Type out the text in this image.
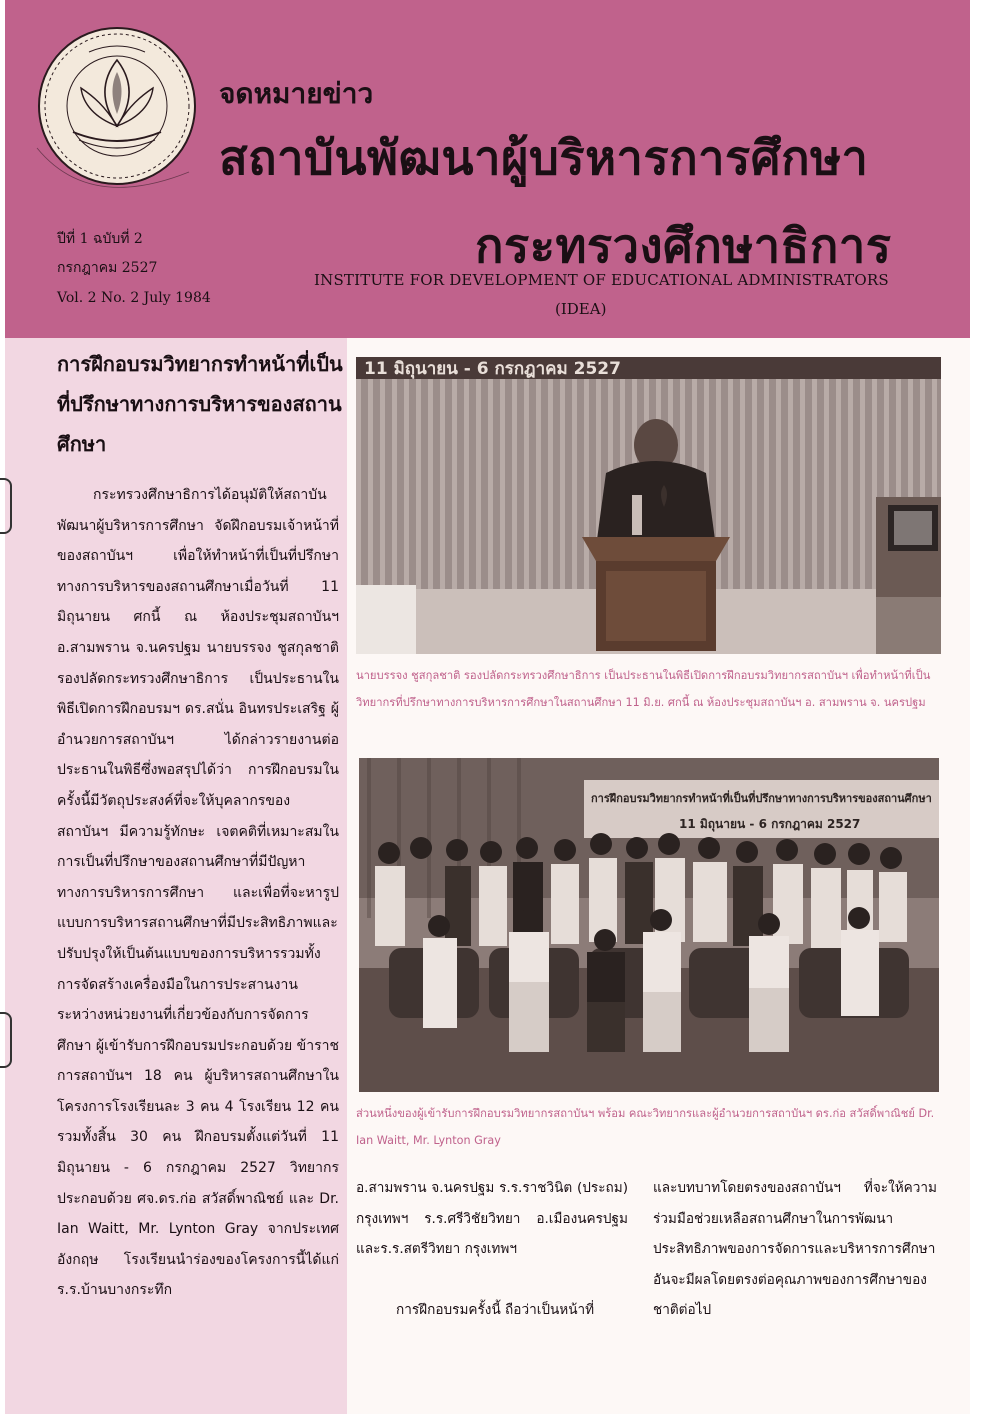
ปีที่ 1 ฉบับที่ 2
กรกฎาคม 2527
Vol. 2 No. 2 July 1984
จดหมายข่าว
สถาบันพัฒนาผู้บริหารการศึกษา
กระทรวงศึกษาธิการ
INSTITUTE FOR DEVELOPMENT OF EDUCATIONAL ADMINISTRATORS
(IDEA)
การฝึกอบรมวิทยากรทำหน้าที่เป็น
ที่ปรึกษาทางการบริหารของสถาน
ศึกษา

กระทรวงศึกษาธิการได้อนุมัติให้สถาบันพัฒนาผู้บริหารการศึกษา จัดฝึกอบรมเจ้าหน้าที่ของสถาบันฯ เพื่อให้ทำหน้าที่เป็นที่ปรึกษาทางการบริหารของสถานศึกษาเมื่อวันที่ 11 มิถุนายน ศกนี้ ณ ห้องประชุมสถาบันฯ อ.สามพราน จ.นครปฐม นายบรรจง ชูสกุลชาติ รองปลัดกระทรวงศึกษาธิการ เป็นประธานในพิธีเปิดการฝึกอบรมฯ ดร.สนั่น อินทรประเสริฐ ผู้อำนวยการสถาบันฯ ได้กล่าวรายงานต่อประธานในพิธีซึ่งพอสรุปได้ว่า การฝึกอบรมในครั้งนี้มีวัตถุประสงค์ที่จะให้บุคลากรของสถาบันฯ มีความรู้ทักษะ เจตคติที่เหมาะสมในการเป็นที่ปรึกษาของสถานศึกษาที่มีปัญหาทางการบริหารการศึกษา และเพื่อที่จะหารูปแบบการบริหารสถานศึกษาที่มีประสิทธิภาพและปรับปรุงให้เป็นต้นแบบของการบริหารรวมทั้งการจัดสร้างเครื่องมือในการประสานงานระหว่างหน่วยงานที่เกี่ยวข้องกับการจัดการศึกษา ผู้เข้ารับการฝึกอบรมประกอบด้วย ข้าราชการสถาบันฯ 18 คน ผู้บริหารสถานศึกษาในโครงการโรงเรียนละ 3 คน 4 โรงเรียน 12 คน รวมทั้งสิ้น 30 คน ฝึกอบรมตั้งแต่วันที่ 11 มิถุนายน - 6 กรกฎาคม 2527 วิทยากรประกอบด้วย ศจ.ดร.ก่อ สวัสดิ์พาณิชย์ และ Dr. Ian Waitt, Mr. Lynton Gray จากประเทศอังกฤษ โรงเรียนนำร่องของโครงการนี้ได้แก่ ร.ร.บ้านบางกระทึก

11 มิถุนายน - 6 กรกฎาคม 2527
นายบรรจง ชูสกุลชาติ รองปลัดกระทรวงศึกษาธิการ เป็นประธานในพิธีเปิดการฝึกอบรมวิทยากรสถาบันฯ เพื่อทำหน้าที่เป็นวิทยากรที่ปรึกษาทางการบริหารการศึกษาในสถานศึกษา 11 มิ.ย. ศกนี้ ณ ห้องประชุมสถาบันฯ อ. สามพราน จ. นครปฐม
การฝึกอบรมวิทยากรทำหน้าที่เป็นที่ปรึกษาทางการบริหารของสถานศึกษา
11 มิถุนายน - 6 กรกฎาคม 2527
ส่วนหนึ่งของผู้เข้ารับการฝึกอบรมวิทยากรสถาบันฯ พร้อม คณะวิทยากรและผู้อำนวยการสถาบันฯ ดร.ก่อ สวัสดิ์พาณิชย์ Dr. Ian Waitt, Mr. Lynton Gray

อ.สามพราน จ.นครปฐม ร.ร.ราชวินิต (ประถม) กรุงเทพฯ ร.ร.ศรีวิชัยวิทยา อ.เมืองนครปฐม และร.ร.สตรีวิทยา กรุงเทพฯ

การฝึกอบรมครั้งนี้ ถือว่าเป็นหน้าที่

และบทบาทโดยตรงของสถาบันฯ ที่จะให้ความร่วมมือช่วยเหลือสถานศึกษาในการพัฒนาประสิทธิภาพของการจัดการและบริหารการศึกษา อันจะมีผลโดยตรงต่อคุณภาพของการศึกษาของชาติต่อไป
